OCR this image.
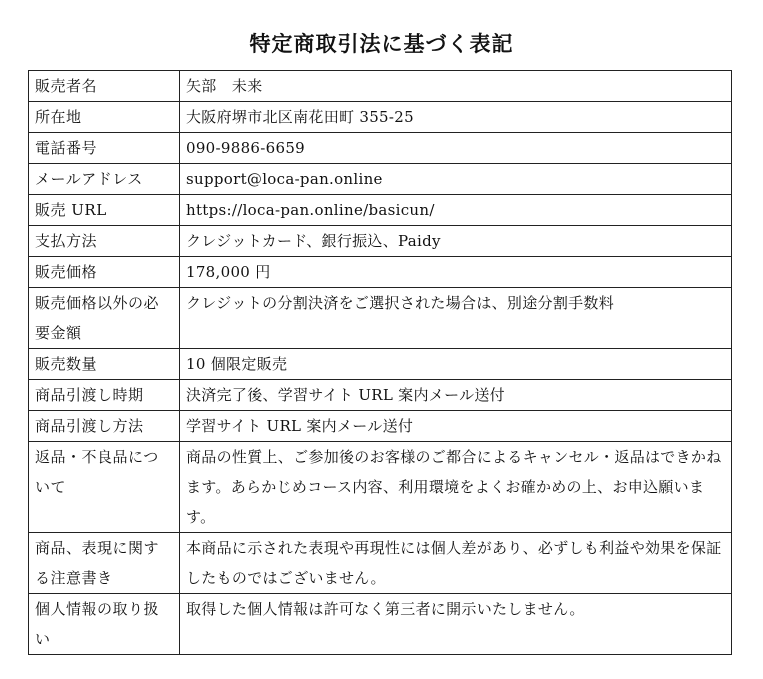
特定商取引法に基づく表記
販売者名	矢部　未来
所在地	大阪府堺市北区南花田町 355-25
電話番号	090-9886-6659
メールアドレス	support@loca-pan.online
販売 URL	https://loca-pan.online/basicun/
支払方法	クレジットカード、銀行振込、Paidy
販売価格	178,000 円
販売価格以外の必要金額	クレジットの分割決済をご選択された場合は、別途分割手数料
販売数量	10 個限定販売
商品引渡し時期	決済完了後、学習サイト URL 案内メール送付
商品引渡し方法	学習サイト URL 案内メール送付
返品・不良品について	商品の性質上、ご参加後のお客様のご都合によるキャンセル・返品はできかねます。あらかじめコース内容、利用環境をよくお確かめの上、お申込願います。
商品、表現に関する注意書き	本商品に示された表現や再現性には個人差があり、必ずしも利益や効果を保証したものではございません。
個人情報の取り扱い	取得した個人情報は許可なく第三者に開示いたしません。
